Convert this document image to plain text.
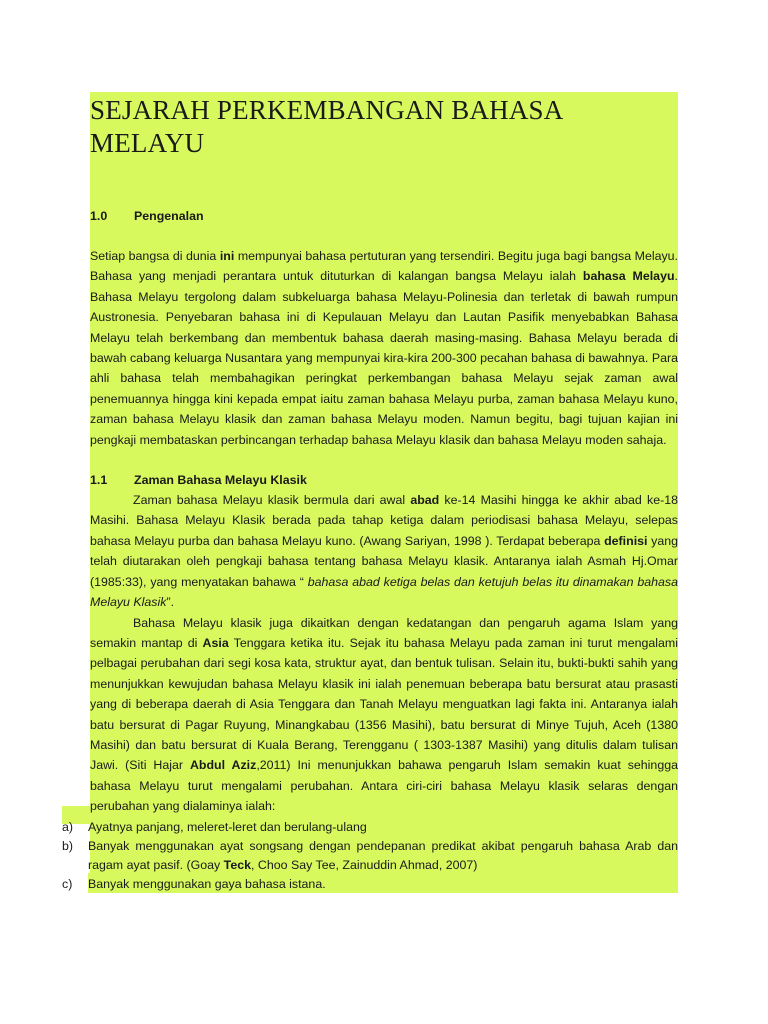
SEJARAH PERKEMBANGAN BAHASA MELAYU
1.0 Pengenalan

Setiap bangsa di dunia ini mempunyai bahasa pertuturan yang tersendiri. Begitu juga bagi bangsa Melayu. Bahasa yang menjadi perantara untuk dituturkan di kalangan bangsa Melayu ialah bahasa Melayu. Bahasa Melayu tergolong dalam subkeluarga bahasa Melayu-Polinesia dan terletak di bawah rumpun Austronesia. Penyebaran bahasa ini di Kepulauan Melayu dan Lautan Pasifik menyebabkan Bahasa Melayu telah berkembang dan membentuk bahasa daerah masing-masing. Bahasa Melayu berada di bawah cabang keluarga Nusantara yang mempunyai kira-kira 200-300 pecahan bahasa di bawahnya. Para ahli bahasa telah membahagikan peringkat perkembangan bahasa Melayu sejak zaman awal penemuannya hingga kini kepada empat iaitu zaman bahasa Melayu purba, zaman bahasa Melayu kuno, zaman bahasa Melayu klasik dan zaman bahasa Melayu moden. Namun begitu, bagi tujuan kajian ini pengkaji membataskan perbincangan terhadap bahasa Melayu klasik dan bahasa Melayu moden sahaja.

1.1 Zaman Bahasa Melayu Klasik

Zaman bahasa Melayu klasik bermula dari awal abad ke-14 Masihi hingga ke akhir abad ke-18 Masihi. Bahasa Melayu Klasik berada pada tahap ketiga dalam periodisasi bahasa Melayu, selepas bahasa Melayu purba dan bahasa Melayu kuno. (Awang Sariyan, 1998 ). Terdapat beberapa definisi yang telah diutarakan oleh pengkaji bahasa tentang bahasa Melayu klasik. Antaranya ialah Asmah Hj.Omar (1985:33), yang menyatakan bahawa “ bahasa abad ketiga belas dan ketujuh belas itu dinamakan bahasa Melayu Klasik”.

Bahasa Melayu klasik juga dikaitkan dengan kedatangan dan pengaruh agama Islam yang semakin mantap di Asia Tenggara ketika itu. Sejak itu bahasa Melayu pada zaman ini turut mengalami pelbagai perubahan dari segi kosa kata, struktur ayat, dan bentuk tulisan. Selain itu, bukti-bukti sahih yang menunjukkan kewujudan bahasa Melayu klasik ini ialah penemuan beberapa batu bersurat atau prasasti yang di beberapa daerah di Asia Tenggara dan Tanah Melayu menguatkan lagi fakta ini. Antaranya ialah batu bersurat di Pagar Ruyung, Minangkabau (1356 Masihi), batu bersurat di Minye Tujuh, Aceh (1380 Masihi) dan batu bersurat di Kuala Berang, Terengganu ( 1303-1387 Masihi) yang ditulis dalam tulisan Jawi. (Siti Hajar Abdul Aziz,2011) Ini menunjukkan bahawa pengaruh Islam semakin kuat sehingga bahasa Melayu turut mengalami perubahan. Antara ciri-ciri bahasa Melayu klasik selaras dengan perubahan yang dialaminya ialah:

a) Ayatnya panjang, meleret-leret dan berulang-ulang
b) Banyak menggunakan ayat songsang dengan pendepanan predikat akibat pengaruh bahasa Arab dan ragam ayat pasif. (Goay Teck, Choo Say Tee, Zainuddin Ahmad, 2007)
c) Banyak menggunakan gaya bahasa istana.
